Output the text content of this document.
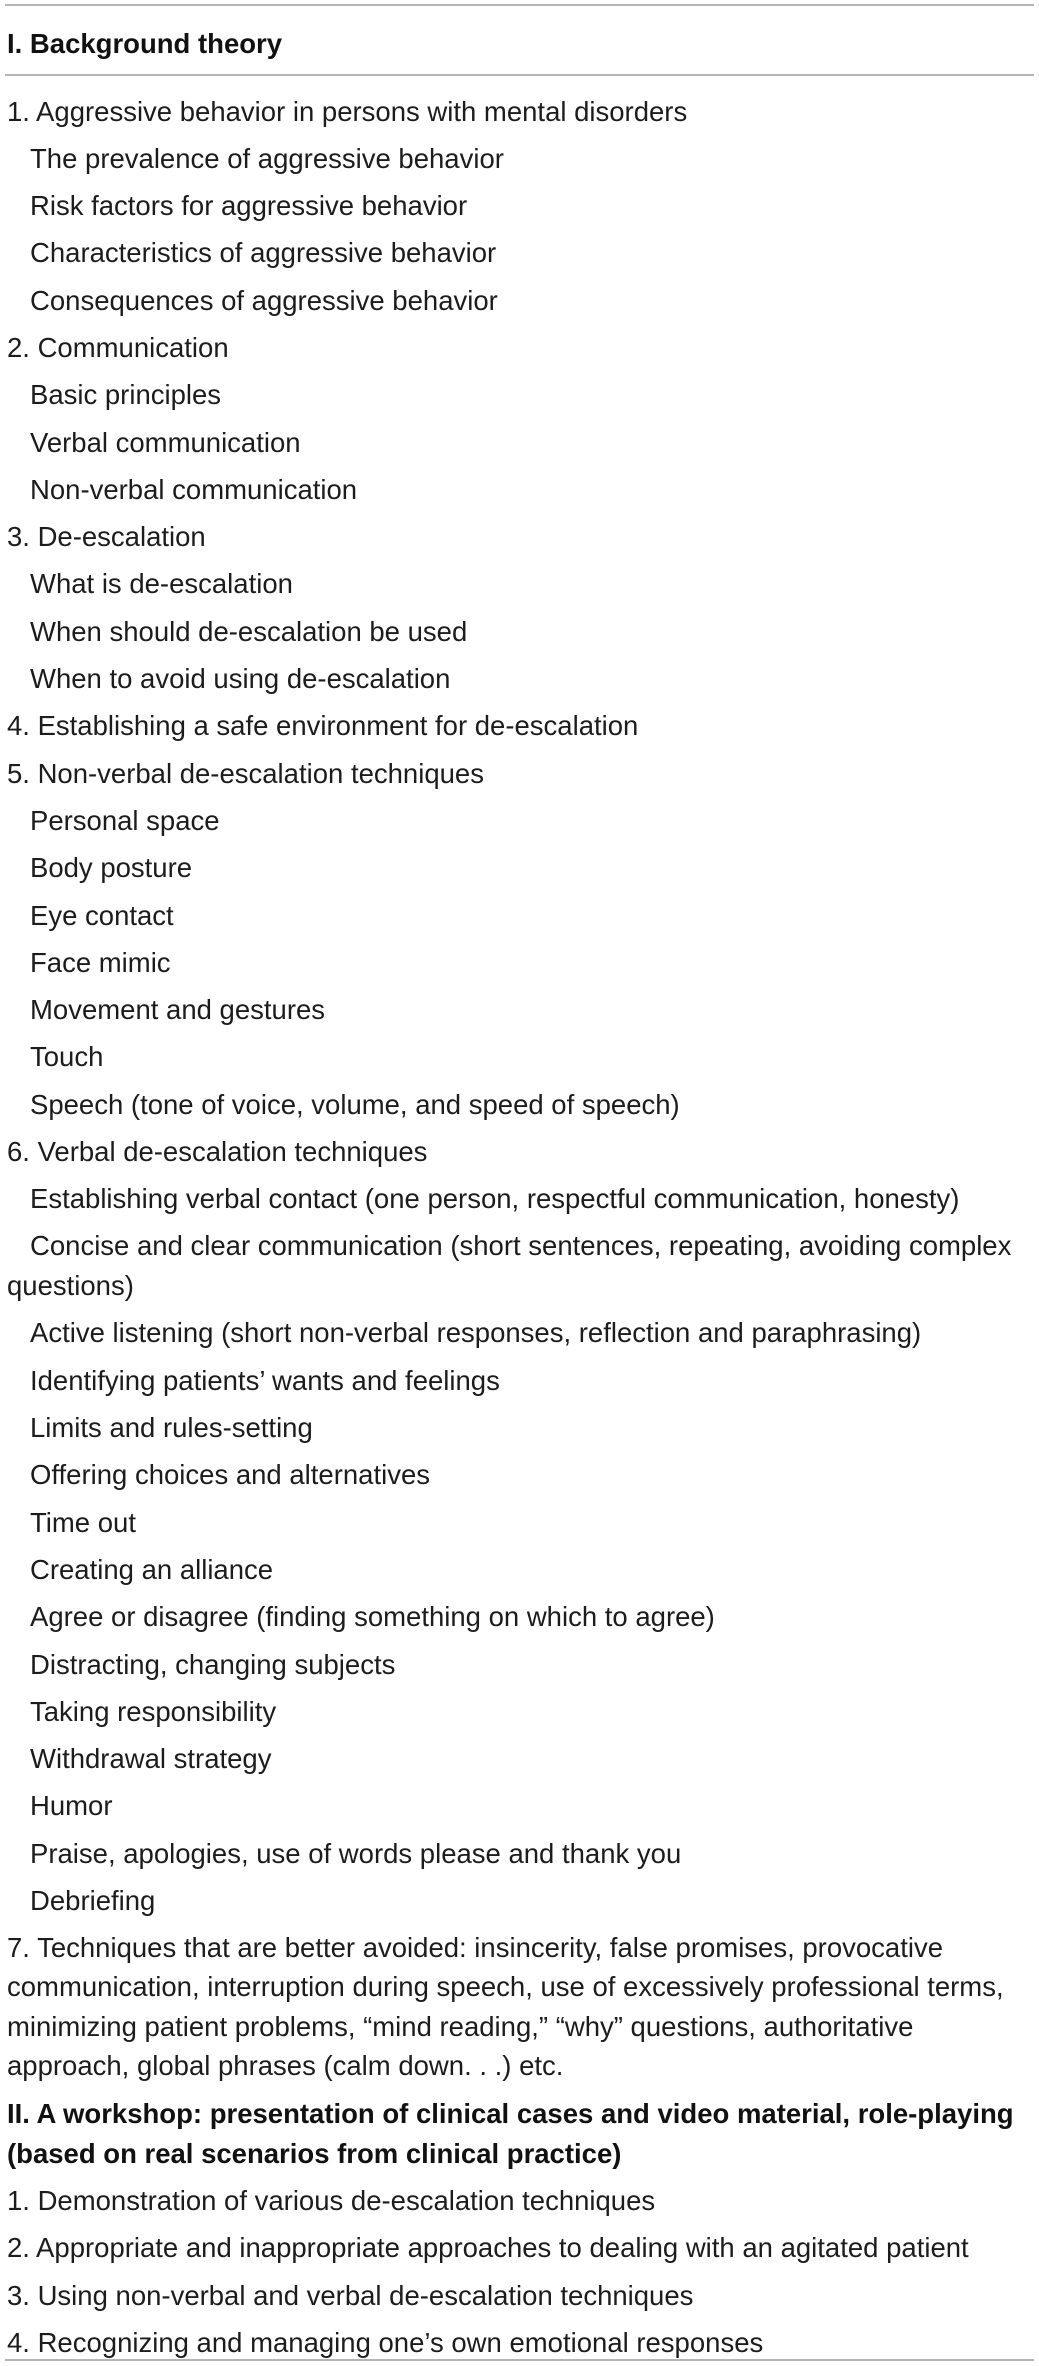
I. Background theory
1. Aggressive behavior in persons with mental disorders
The prevalence of aggressive behavior
Risk factors for aggressive behavior
Characteristics of aggressive behavior
Consequences of aggressive behavior
2. Communication
Basic principles
Verbal communication
Non-verbal communication
3. De-escalation
What is de-escalation
When should de-escalation be used
When to avoid using de-escalation
4. Establishing a safe environment for de-escalation
5. Non-verbal de-escalation techniques
Personal space
Body posture
Eye contact
Face mimic
Movement and gestures
Touch
Speech (tone of voice, volume, and speed of speech)
6. Verbal de-escalation techniques
Establishing verbal contact (one person, respectful communication, honesty)
Concise and clear communication (short sentences, repeating, avoiding complex questions)
Active listening (short non-verbal responses, reflection and paraphrasing)
Identifying patients’ wants and feelings
Limits and rules-setting
Offering choices and alternatives
Time out
Creating an alliance
Agree or disagree (finding something on which to agree)
Distracting, changing subjects
Taking responsibility
Withdrawal strategy
Humor
Praise, apologies, use of words please and thank you
Debriefing
7. Techniques that are better avoided: insincerity, false promises, provocative communication, interruption during speech, use of excessively professional terms, minimizing patient problems, “mind reading,” “why” questions, authoritative approach, global phrases (calm down. . .) etc.
II. A workshop: presentation of clinical cases and video material, role-playing (based on real scenarios from clinical practice)
1. Demonstration of various de-escalation techniques
2. Appropriate and inappropriate approaches to dealing with an agitated patient
3. Using non-verbal and verbal de-escalation techniques
4. Recognizing and managing one’s own emotional responses
